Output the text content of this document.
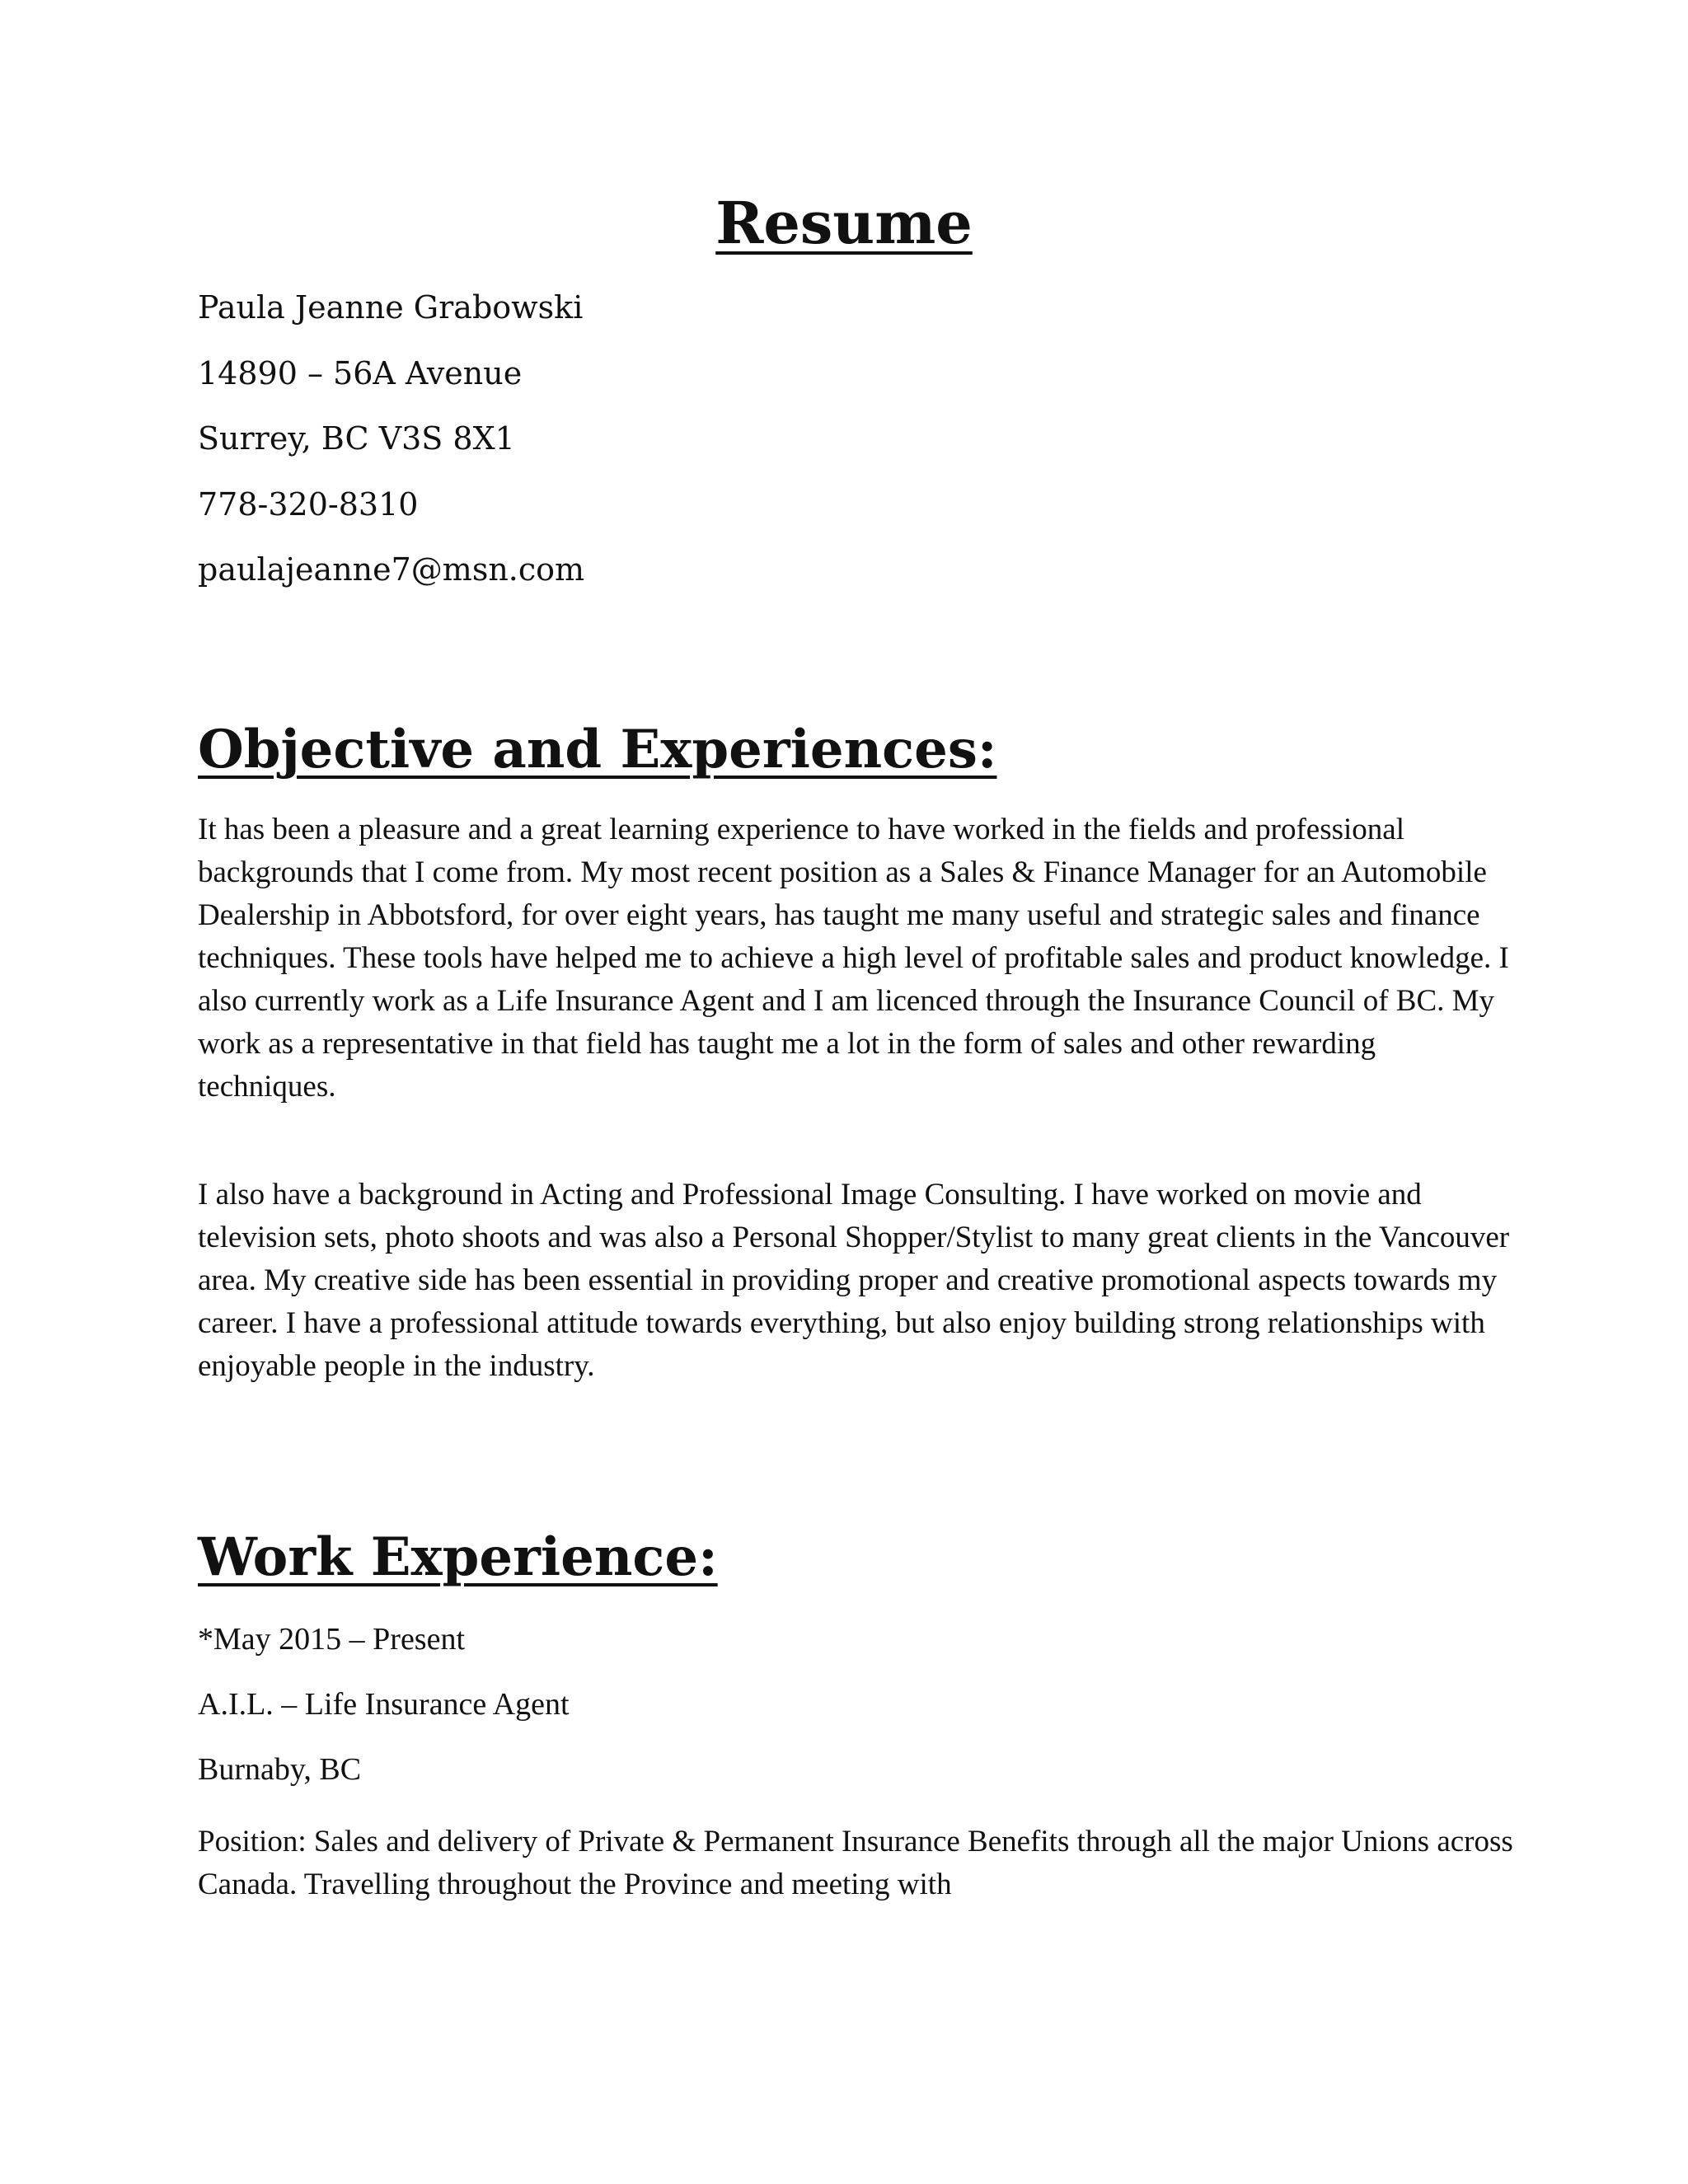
Resume
Paula Jeanne Grabowski
14890 – 56A Avenue
Surrey, BC V3S 8X1
778-320-8310
paulajeanne7@msn.com
Objective and Experiences:

It has been a pleasure and a great learning experience to have worked in the fields and professional backgrounds that I come from. My most recent position as a Sales & Finance Manager for an Automobile Dealership in Abbotsford, for over eight years, has taught me many useful and strategic sales and finance techniques. These tools have helped me to achieve a high level of profitable sales and product knowledge. I also currently work as a Life Insurance Agent and I am licenced through the Insurance Council of BC. My work as a representative in that field has taught me a lot in the form of sales and other rewarding techniques.

I also have a background in Acting and Professional Image Consulting. I have worked on movie and television sets, photo shoots and was also a Personal Shopper/Stylist to many great clients in the Vancouver area. My creative side has been essential in providing proper and creative promotional aspects towards my career. I have a professional attitude towards everything, but also enjoy building strong relationships with enjoyable people in the industry.

Work Experience:
*May 2015 – Present
A.I.L. – Life Insurance Agent
Burnaby, BC

Position: Sales and delivery of Private & Permanent Insurance Benefits through all the major Unions across Canada. Travelling throughout the Province and meeting with
